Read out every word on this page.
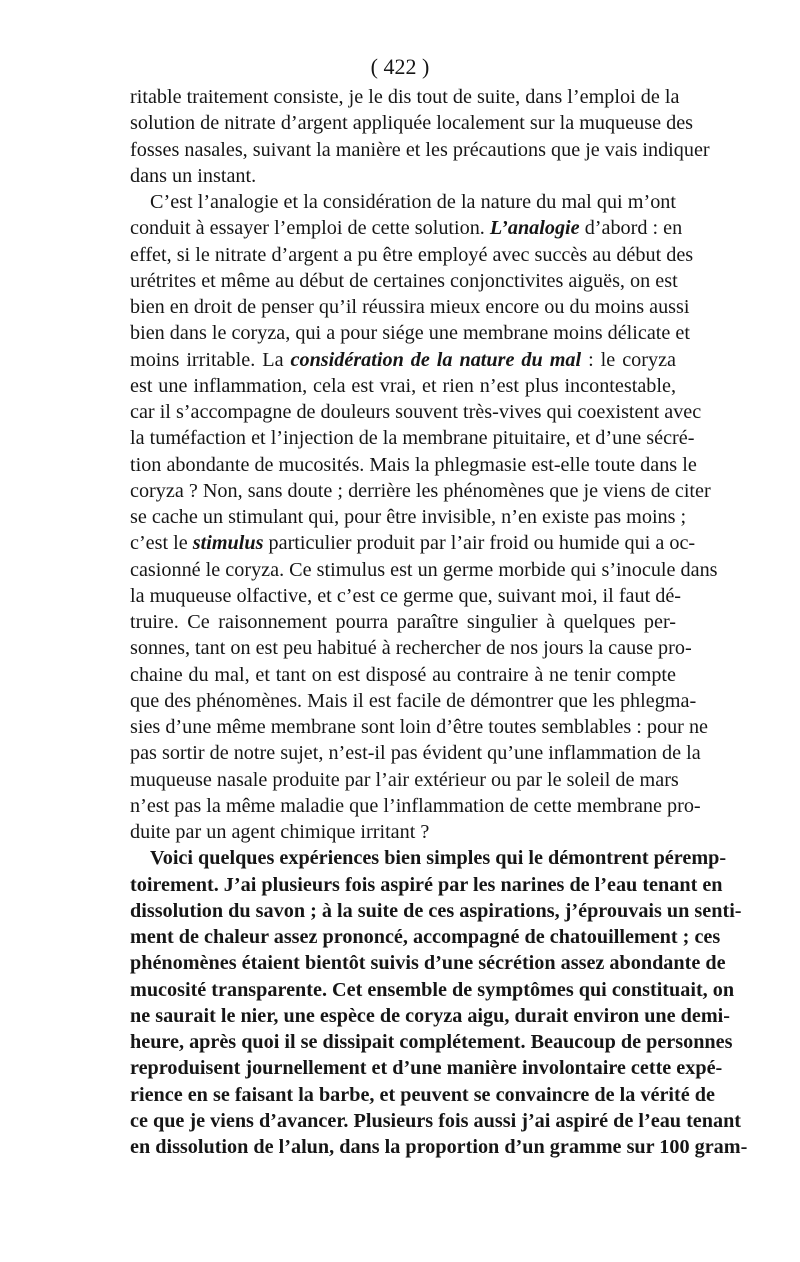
( 422 )
ritable traitement consiste, je le dis tout de suite, dans l’emploi de la
solution de nitrate d’argent appliquée localement sur la muqueuse des
fosses nasales, suivant la manière et les précautions que je vais indiquer
dans un instant.
C’est l’analogie et la considération de la nature du mal qui m’ont
conduit à essayer l’emploi de cette solution. L’analogie d’abord : en
effet, si le nitrate d’argent a pu être employé avec succès au début des
urétrites et même au début de certaines conjonctivites aiguës, on est
bien en droit de penser qu’il réussira mieux encore ou du moins aussi
bien dans le coryza, qui a pour siége une membrane moins délicate et
moins irritable. La considération de la nature du mal : le coryza
est une inflammation, cela est vrai, et rien n’est plus incontestable,
car il s’accompagne de douleurs souvent très-vives qui coexistent avec
la tuméfaction et l’injection de la membrane pituitaire, et d’une sécré-
tion abondante de mucosités. Mais la phlegmasie est-elle toute dans le
coryza ? Non, sans doute ; derrière les phénomènes que je viens de citer
se cache un stimulant qui, pour être invisible, n’en existe pas moins ;
c’est le stimulus particulier produit par l’air froid ou humide qui a oc-
casionné le coryza. Ce stimulus est un germe morbide qui s’inocule dans
la muqueuse olfactive, et c’est ce germe que, suivant moi, il faut dé-
truire. Ce raisonnement pourra paraître singulier à quelques per-
sonnes, tant on est peu habitué à rechercher de nos jours la cause pro-
chaine du mal, et tant on est disposé au contraire à ne tenir compte
que des phénomènes. Mais il est facile de démontrer que les phlegma-
sies d’une même membrane sont loin d’être toutes semblables : pour ne
pas sortir de notre sujet, n’est-il pas évident qu’une inflammation de la
muqueuse nasale produite par l’air extérieur ou par le soleil de mars
n’est pas la même maladie que l’inflammation de cette membrane pro-
duite par un agent chimique irritant ?
Voici quelques expériences bien simples qui le démontrent péremp-
toirement. J’ai plusieurs fois aspiré par les narines de l’eau tenant en
dissolution du savon ; à la suite de ces aspirations, j’éprouvais un senti-
ment de chaleur assez prononcé, accompagné de chatouillement ; ces
phénomènes étaient bientôt suivis d’une sécrétion assez abondante de
mucosité transparente. Cet ensemble de symptômes qui constituait, on
ne saurait le nier, une espèce de coryza aigu, durait environ une demi-
heure, après quoi il se dissipait complétement. Beaucoup de personnes
reproduisent journellement et d’une manière involontaire cette expé-
rience en se faisant la barbe, et peuvent se convaincre de la vérité de
ce que je viens d’avancer. Plusieurs fois aussi j’ai aspiré de l’eau tenant
en dissolution de l’alun, dans la proportion d’un gramme sur 100 gram-
